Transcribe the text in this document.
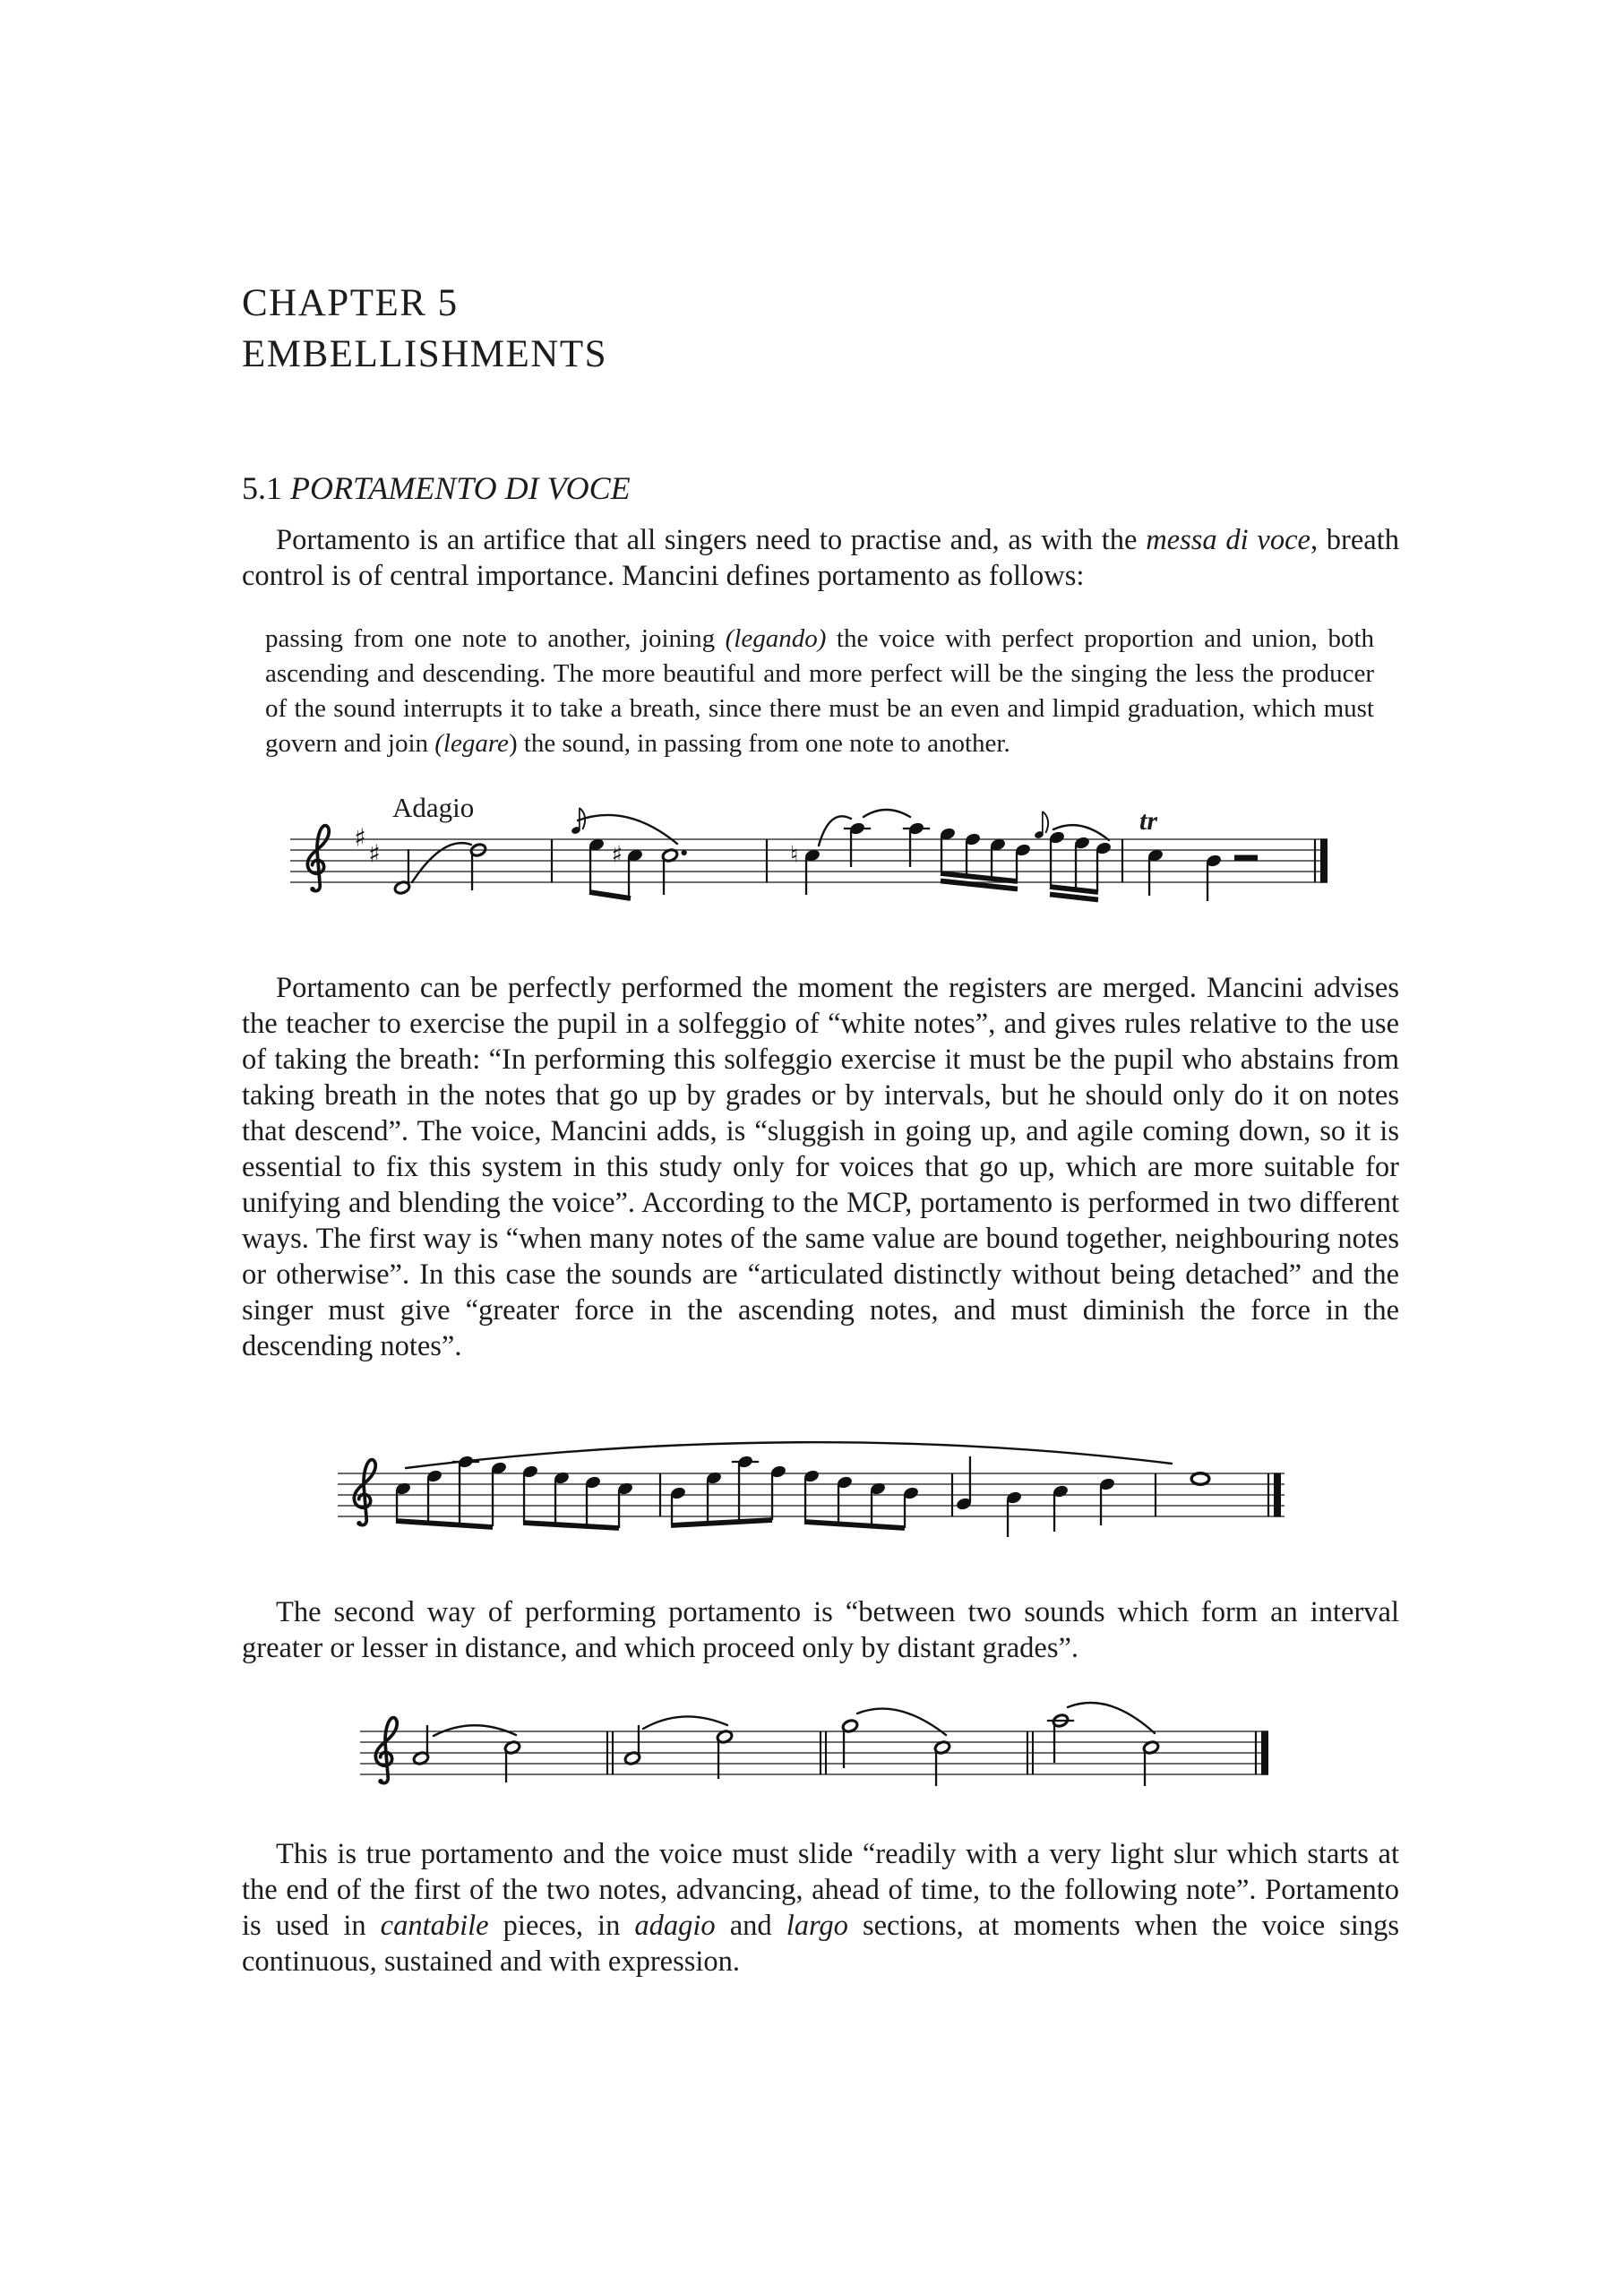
CHAPTER 5
EMBELLISHMENTS
5.1 PORTAMENTO DI VOCE

Portamento is an artifice that all singers need to practise and, as with the messa di voce, breath control is of central importance. Mancini defines portamento as follows:

passing from one note to another, joining (legando) the voice with perfect proportion and union, both ascending and descending. The more beautiful and more perfect will be the singing the less the producer of the sound interrupts it to take a breath, since there must be an even and limpid graduation, which must govern and join (legare) the sound, in passing from one note to another.
♯
♯	♯	♮
Adagio	tr

Portamento can be perfectly performed the moment the registers are merged. Mancini advises the teacher to exercise the pupil in a solfeggio of “white notes”, and gives rules relative to the use of taking the breath: “In performing this solfeggio exercise it must be the pupil who abstains from taking breath in the notes that go up by grades or by intervals, but he should only do it on notes that descend”. The voice, Mancini adds, is “sluggish in going up, and agile coming down, so it is essential to fix this system in this study only for voices that go up, which are more suitable for unifying and blending the voice”. According to the MCP, portamento is performed in two different ways. The first way is “when many notes of the same value are bound together, neighbouring notes or otherwise”. In this case the sounds are “articulated distinctly without being detached” and the singer must give “greater force in the ascending notes, and must diminish the force in the descending notes”.

The second way of performing portamento is “between two sounds which form an interval greater or lesser in distance, and which proceed only by distant grades”.

This is true portamento and the voice must slide “readily with a very light slur which starts at the end of the first of the two notes, advancing, ahead of time, to the following note”. Portamento is used in cantabile pieces, in adagio and largo sections, at moments when the voice sings continuous, sustained and with expression.
